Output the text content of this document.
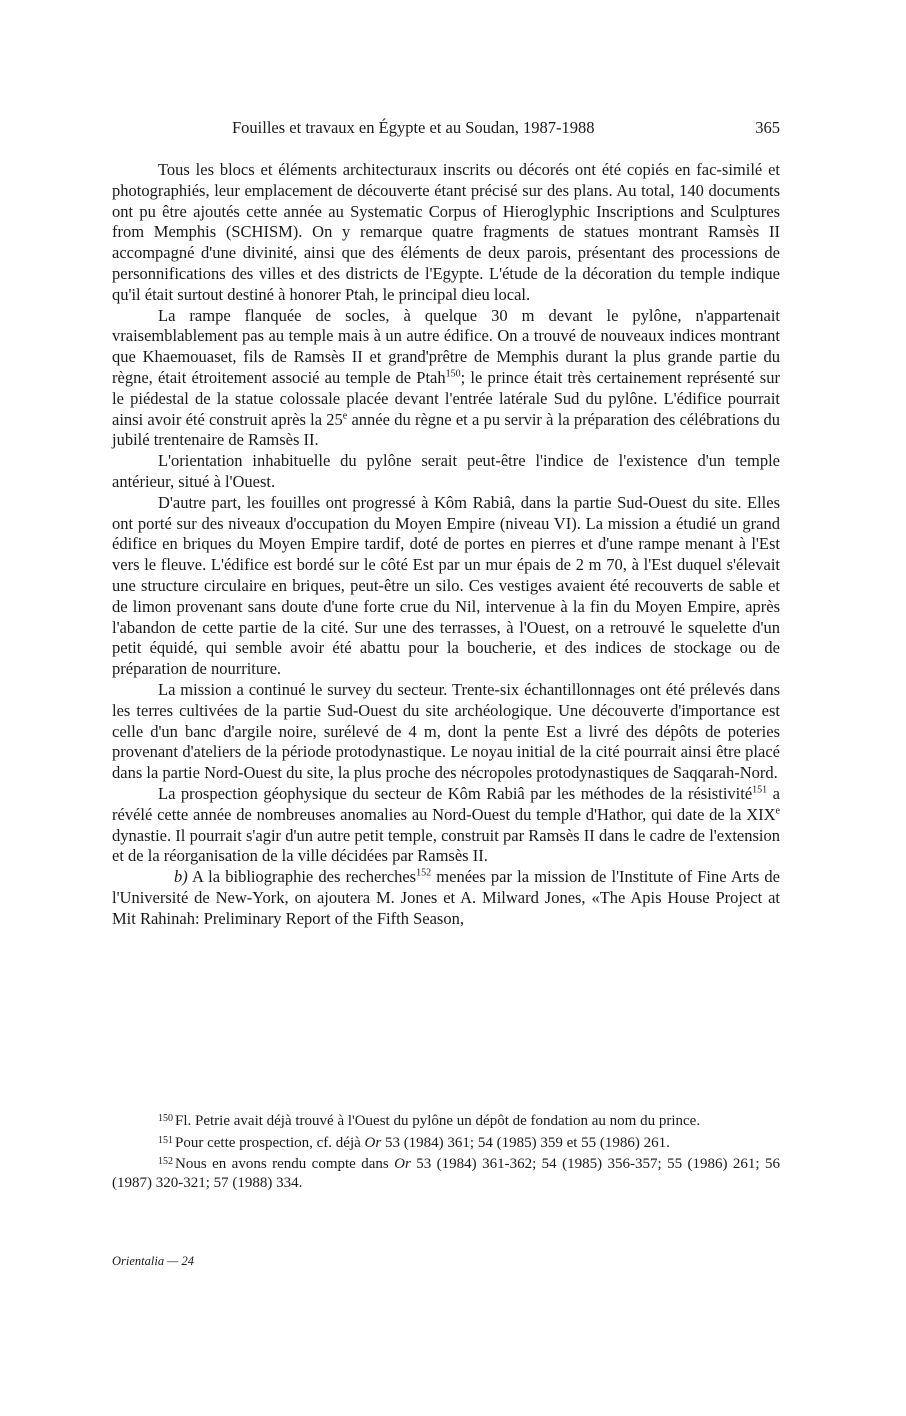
Fouilles et travaux en Égypte et au Soudan, 1987-1988	365

Tous les blocs et éléments architecturaux inscrits ou décorés ont été copiés en fac-similé et photographiés, leur emplacement de découverte étant précisé sur des plans. Au total, 140 documents ont pu être ajoutés cette année au Systematic Corpus of Hieroglyphic Inscriptions and Sculptures from Memphis (SCHISM). On y remarque quatre fragments de statues montrant Ramsès II accompagné d'une divinité, ainsi que des éléments de deux parois, présentant des processions de personnifications des villes et des districts de l'Egypte. L'étude de la décoration du temple indique qu'il était surtout destiné à honorer Ptah, le principal dieu local.

La rampe flanquée de socles, à quelque 30 m devant le pylône, n'appartenait vraisemblablement pas au temple mais à un autre édifice. On a trouvé de nouveaux indices montrant que Khaemouaset, fils de Ramsès II et grand'prêtre de Memphis durant la plus grande partie du règne, était étroitement associé au temple de Ptah$^{150}$; le prince était très certainement représenté sur le piédestal de la statue colossale placée devant l'entrée latérale Sud du pylône. L'édifice pourrait ainsi avoir été construit après la 25e année du règne et a pu servir à la préparation des célébrations du jubilé trentenaire de Ramsès II.

L'orientation inhabituelle du pylône serait peut-être l'indice de l'existence d'un temple antérieur, situé à l'Ouest.

D'autre part, les fouilles ont progressé à Kôm Rabiâ, dans la partie Sud-Ouest du site. Elles ont porté sur des niveaux d'occupation du Moyen Empire (niveau VI). La mission a étudié un grand édifice en briques du Moyen Empire tardif, doté de portes en pierres et d'une rampe menant à l'Est vers le fleuve. L'édifice est bordé sur le côté Est par un mur épais de 2 m 70, à l'Est duquel s'élevait une structure circulaire en briques, peut-être un silo. Ces vestiges avaient été recouverts de sable et de limon provenant sans doute d'une forte crue du Nil, intervenue à la fin du Moyen Empire, après l'abandon de cette partie de la cité. Sur une des terrasses, à l'Ouest, on a retrouvé le squelette d'un petit équidé, qui semble avoir été abattu pour la boucherie, et des indices de stockage ou de préparation de nourriture.

La mission a continué le survey du secteur. Trente-six échantillonnages ont été prélevés dans les terres cultivées de la partie Sud-Ouest du site archéologique. Une découverte d'importance est celle d'un banc d'argile noire, surélevé de 4 m, dont la pente Est a livré des dépôts de poteries provenant d'ateliers de la période protodynastique. Le noyau initial de la cité pourrait ainsi être placé dans la partie Nord-Ouest du site, la plus proche des nécropoles protodynastiques de Saqqarah-Nord.

La prospection géophysique du secteur de Kôm Rabiâ par les méthodes de la résistivité$^{151}$ a révélé cette année de nombreuses anomalies au Nord-Ouest du temple d'Hathor, qui date de la XIXe dynastie. Il pourrait s'agir d'un autre petit temple, construit par Ramsès II dans le cadre de l'extension et de la réorganisation de la ville décidées par Ramsès II.

b) A la bibliographie des recherches$^{152}$ menées par la mission de l'Institute of Fine Arts de l'Université de New-York, on ajoutera M. Jones et A. Milward Jones, «The Apis House Project at Mit Rahinah: Preliminary Report of the Fifth Season,

$^{150}$ Fl. Petrie avait déjà trouvé à l'Ouest du pylône un dépôt de fondation au nom du prince.

$^{151}$ Pour cette prospection, cf. déjà Or 53 (1984) 361; 54 (1985) 359 et 55 (1986) 261.

$^{152}$ Nous en avons rendu compte dans Or 53 (1984) 361-362; 54 (1985) 356-357; 55 (1986) 261; 56 (1987) 320-321; 57 (1988) 334.

Orientalia — 24
